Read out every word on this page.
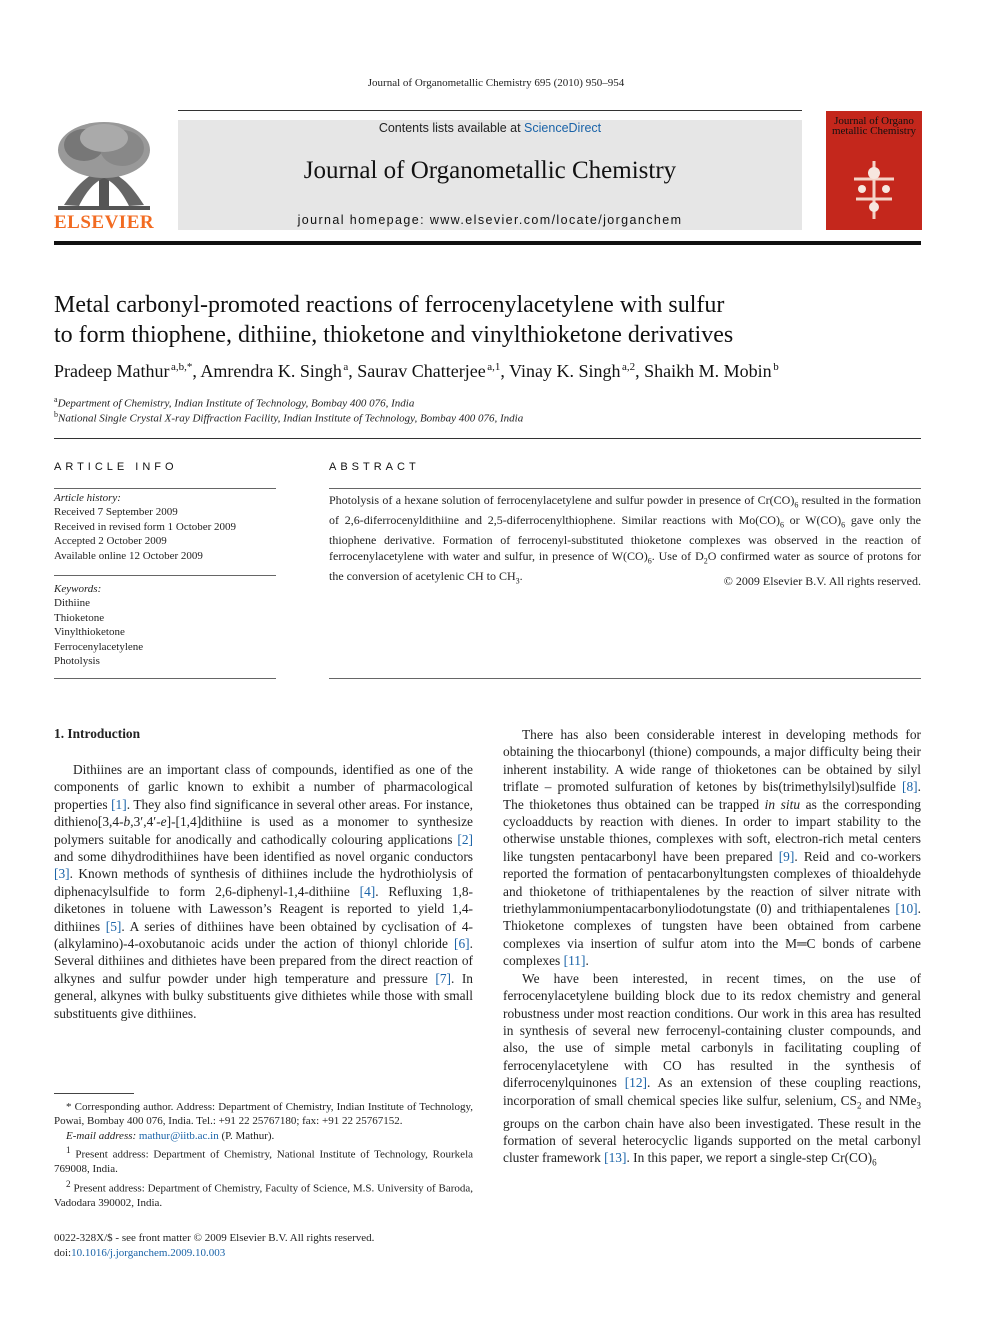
Journal of Organometallic Chemistry 695 (2010) 950–954
ELSEVIER
Contents lists available at ScienceDirect
Journal of Organometallic Chemistry
journal homepage: www.elsevier.com/locate/jorganchem
Journal of Organo metallic Chemistry
Metal carbonyl-promoted reactions of ferrocenylacetylene with sulfur
to form thiophene, dithiine, thioketone and vinylthioketone derivatives
Pradeep Mathur  $^{a,b,*}$, Amrendra K. Singh  $^a$, Saurav Chatterjee  $^{a,1}$, Vinay K. Singh  $^{a,2}$, Shaikh M. Mobin  $^b$
$^a$Department of Chemistry, Indian Institute of Technology, Bombay 400 076, India
$^b$National Single Crystal X-ray Diffraction Facility, Indian Institute of Technology, Bombay 400 076, India
ARTICLE INFO
Article history:
Received 7 September 2009
Received in revised form 1 October 2009
Accepted 2 October 2009
Available online 12 October 2009
Keywords:
Dithiine
Thioketone
Vinylthioketone
Ferrocenylacetylene
Photolysis
ABSTRACT
Photolysis of a hexane solution of ferrocenylacetylene and sulfur powder in presence of $Cr(CO)_6$ resulted in the formation of 2,6-diferrocenyldithiine and 2,5-diferrocenylthiophene. Similar reactions with $Mo(CO)_6$ or $W(CO)_6$ gave only the thiophene derivative. Formation of ferrocenyl-substituted thioketone complexes was observed in the reaction of ferrocenylacetylene with water and sulfur, in presence of $W(CO)_6$. Use of $D_2O$ confirmed water as source of protons for the conversion of acetylenic CH to $CH_3$.	© 2009 Elsevier B.V. All rights reserved.
1. Introduction

Dithiines are an important class of compounds, identified as one of the components of garlic known to exhibit a number of pharmacological properties [1]. They also find significance in several other areas. For instance, dithieno[3,4-b,3′,4′-e]-[1,4]dithiine is used as a monomer to synthesize polymers suitable for anodically and cathodically colouring applications [2] and some dihydrodithiines have been identified as novel organic conductors [3]. Known methods of synthesis of dithiines include the hydrothiolysis of diphenacylsulfide to form 2,6-diphenyl-1,4-dithiine [4]. Refluxing 1,8-diketones in toluene with Lawesson’s Reagent is reported to yield 1,4-dithiines [5]. A series of dithiines have been obtained by cyclisation of 4-(alkylamino)-4-oxobutanoic acids under the action of thionyl chloride [6]. Several dithiines and dithietes have been prepared from the direct reaction of alkynes and sulfur powder under high temperature and pressure [7]. In general, alkynes with bulky substituents give dithietes while those with small substituents give dithiines.

* Corresponding author. Address: Department of Chemistry, Indian Institute of Technology, Powai, Bombay 400 076, India. Tel.: +91 22 25767180; fax: +91 22 25767152.

E-mail address: mathur@iitb.ac.in (P. Mathur).

$^1$ Present address: Department of Chemistry, National Institute of Technology, Rourkela 769008, India.

$^2$ Present address: Department of Chemistry, Faculty of Science, M.S. University of Baroda, Vadodara 390002, India.

0022-328X/$ - see front matter © 2009 Elsevier B.V. All rights reserved.
doi:10.1016/j.jorganchem.2009.10.003

There has also been considerable interest in developing methods for obtaining the thiocarbonyl (thione) compounds, a major difficulty being their inherent instability. A wide range of thioketones can be obtained by silyl triflate – promoted sulfuration of ketones by bis(trimethylsilyl)sulfide [8]. The thioketones thus obtained can be trapped in situ as the corresponding cycloadducts by reaction with dienes. In order to impart stability to the otherwise unstable thiones, complexes with soft, electron-rich metal centers like tungsten pentacarbonyl have been prepared [9]. Reid and co-workers reported the formation of pentacarbonyltungsten complexes of thioaldehyde and thioketone of trithiapentalenes by the reaction of silver nitrate with triethylammoniumpentacarbonyliodotungstate (0) and trithiapentalenes [10]. Thioketone complexes of tungsten have been obtained from carbene complexes via insertion of sulfur atom into the M═C bonds of carbene complexes [11].

We have been interested, in recent times, on the use of ferrocenylacetylene building block due to its redox chemistry and general robustness under most reaction conditions. Our work in this area has resulted in synthesis of several new ferrocenyl-containing cluster compounds, and also, the use of simple metal carbonyls in facilitating coupling of ferrocenylacetylene with CO has resulted in the synthesis of diferrocenylquinones [12]. As an extension of these coupling reactions, incorporation of small chemical species like sulfur, selenium, $CS_2$ and NMe$_3$ groups on the carbon chain have also been investigated. These result in the formation of several heterocyclic ligands supported on the metal carbonyl cluster framework [13]. In this paper, we report a single-step $Cr(CO)_6$
